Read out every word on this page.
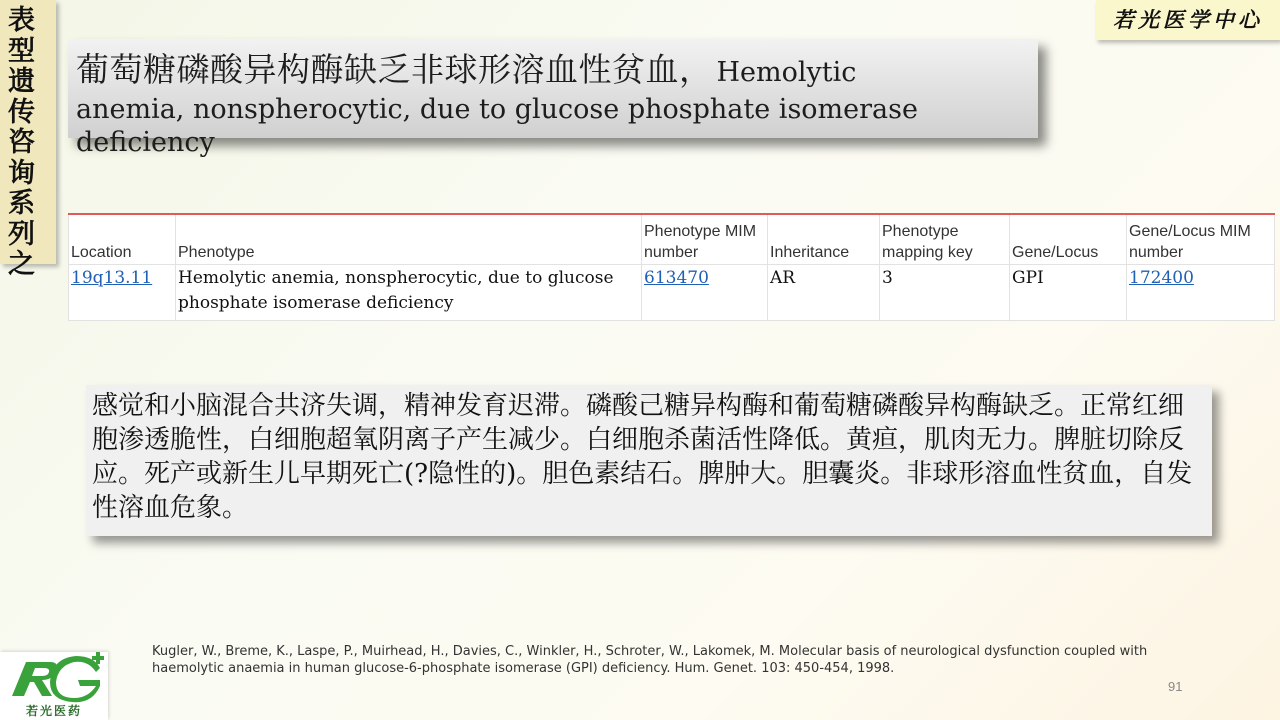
表型遗传咨询系列之
若光医学中心
葡萄糖磷酸异构酶缺乏非球形溶血性贫血， Hemolytic
anemia, nonspherocytic, due to glucose phosphate isomerase deficiency
Location	Phenotype	Phenotype MIM number	Inheritance	Phenotype mapping key	Gene/Locus	Gene/Locus MIM number
19q13.11	Hemolytic anemia, nonspherocytic, due to glucose phosphate isomerase deficiency	613470	AR	3	GPI	172400
感觉和小脑混合共济失调，精神发育迟滞。磷酸己糖异构酶和葡萄糖磷酸异构酶缺乏。正常红细胞渗透脆性，白细胞超氧阴离子产生减少。白细胞杀菌活性降低。黄疸，肌肉无力。脾脏切除反应。死产或新生儿早期死亡(?隐性的)。胆色素结石。脾肿大。胆囊炎。非球形溶血性贫血，自发性溶血危象。
Kugler, W., Breme, K., Laspe, P., Muirhead, H., Davies, C., Winkler, H., Schroter, W., Lakomek, M. Molecular basis of neurological dysfunction coupled with haemolytic anaemia in human glucose-6-phosphate isomerase (GPI) deficiency. Hum. Genet. 103: 450-454, 1998.
91
若光医药
